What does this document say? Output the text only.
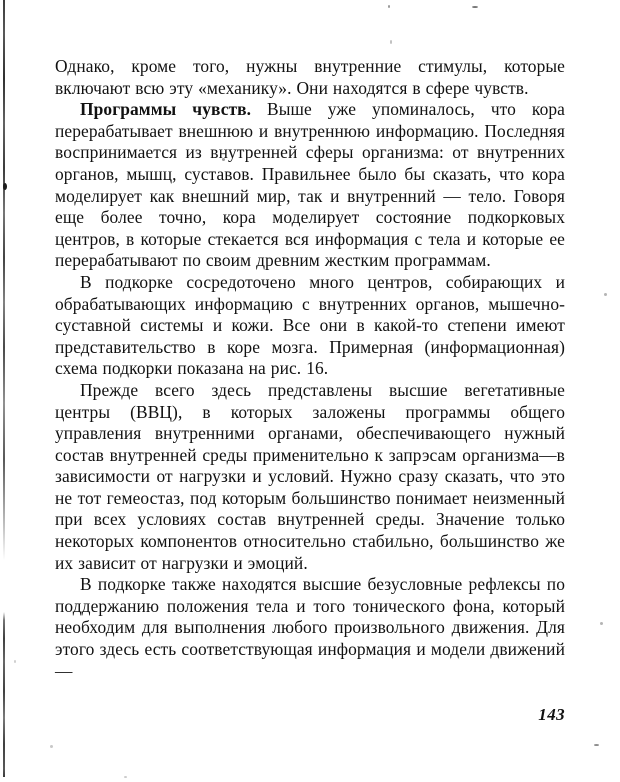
Однако, кроме того, нужны внутренние стимулы, которые включают всю эту «механику». Они находятся в сфере чувств.

Программы чувств. Выше уже упоминалось, что кора перерабатывает внешнюю и внутреннюю информацию. Последняя воспринимается из внутренней сферы организма: от внутренних органов, мышц, суставов. Правильнее было бы сказать, что кора моделирует как внешний мир, так и внутренний — тело. Говоря еще более точно, кора моделирует состояние подкорковых центров, в которые стекается вся информация с тела и которые ее перерабатывают по своим древним жестким программам.

В подкорке сосредоточено много центров, собирающих и обрабатывающих информацию с внутренних органов, мышечно-суставной системы и кожи. Все они в какой-то степени имеют представительство в коре мозга. Примерная (информационная) схема подкорки показана на рис. 16.

Прежде всего здесь представлены высшие вегетативные центры (ВВЦ), в которых заложены программы общего управления внутренними органами, обеспечивающего нужный состав внутренней среды применительно к запрэсам организма—в зависимости от нагрузки и условий. Нужно сразу сказать, что это не тот гемеостаз, под которым большинство понимает неизменный при всех условиях состав внутренней среды. Значение только некоторых компонентов относительно стабильно, большинство же их зависит от нагрузки и эмоций.

В подкорке также находятся высшие безусловные рефлексы по поддержанию положения тела и того тонического фона, который необходим для выполнения любого произвольного движения. Для этого здесь есть соответствующая информация и модели движений —

143
